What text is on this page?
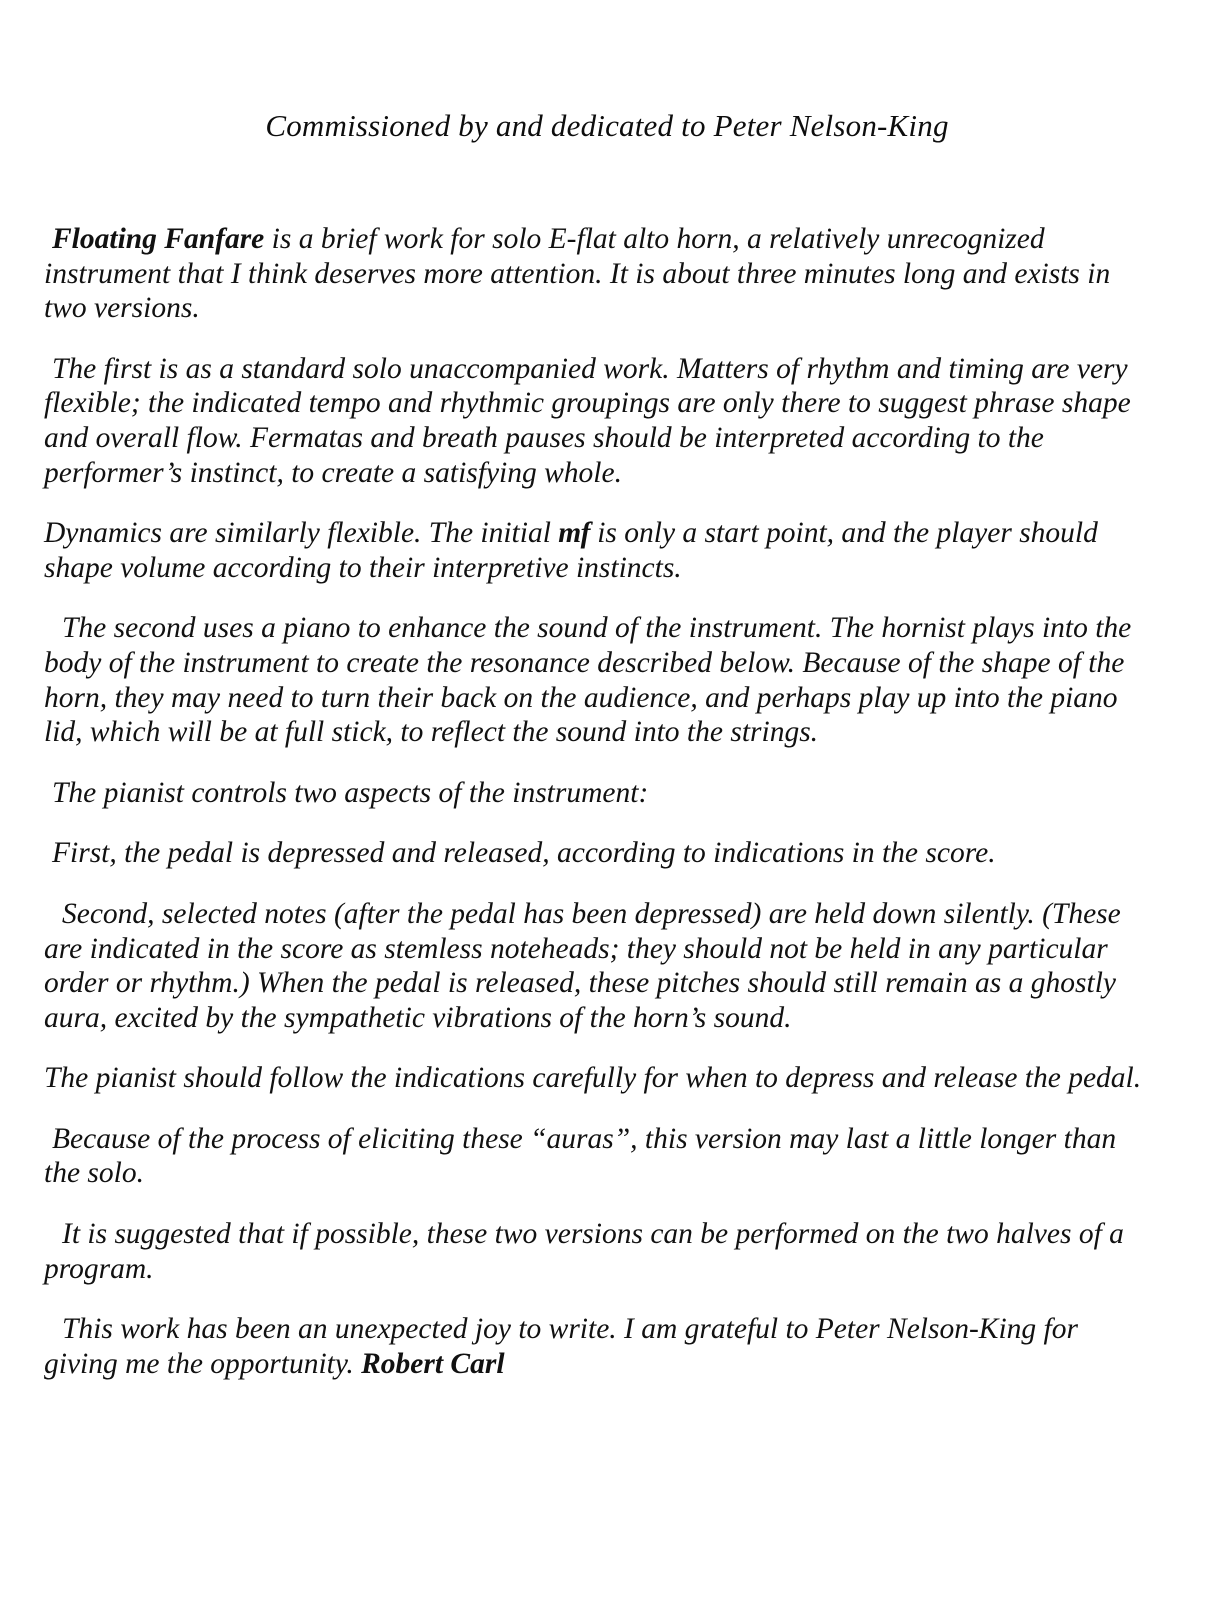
Commissioned by and dedicated to Peter Nelson-King

Floating Fanfare is a brief work for solo E-flat alto horn, a relatively unrecognized instrument that I think deserves more attention. It is about three minutes long and exists in two versions.

The first is as a standard solo unaccompanied work. Matters of rhythm and timing are very flexible; the indicated tempo and rhythmic groupings are only there to suggest phrase shape and overall flow. Fermatas and breath pauses should be interpreted according to the performer’s instinct, to create a satisfying whole.

Dynamics are similarly flexible. The initial mf is only a start point, and the player should shape volume according to their interpretive instincts.

The second uses a piano to enhance the sound of the instrument. The hornist plays into the body of the instrument to create the resonance described below. Because of the shape of the horn, they may need to turn their back on the audience, and perhaps play up into the piano lid, which will be at full stick, to reflect the sound into the strings.

The pianist controls two aspects of the instrument:

First, the pedal is depressed and released, according to indications in the score.

Second, selected notes (after the pedal has been depressed) are held down silently. (These are indicated in the score as stemless noteheads; they should not be held in any particular order or rhythm.) When the pedal is released, these pitches should still remain as a ghostly aura, excited by the sympathetic vibrations of the horn’s sound.

The pianist should follow the indications carefully for when to depress and release the pedal.

Because of the process of eliciting these “auras”, this version may last a little longer than the solo.

It is suggested that if possible, these two versions can be performed on the two halves of a program.

This work has been an unexpected joy to write. I am grateful to Peter Nelson-King for giving me the opportunity. Robert Carl
